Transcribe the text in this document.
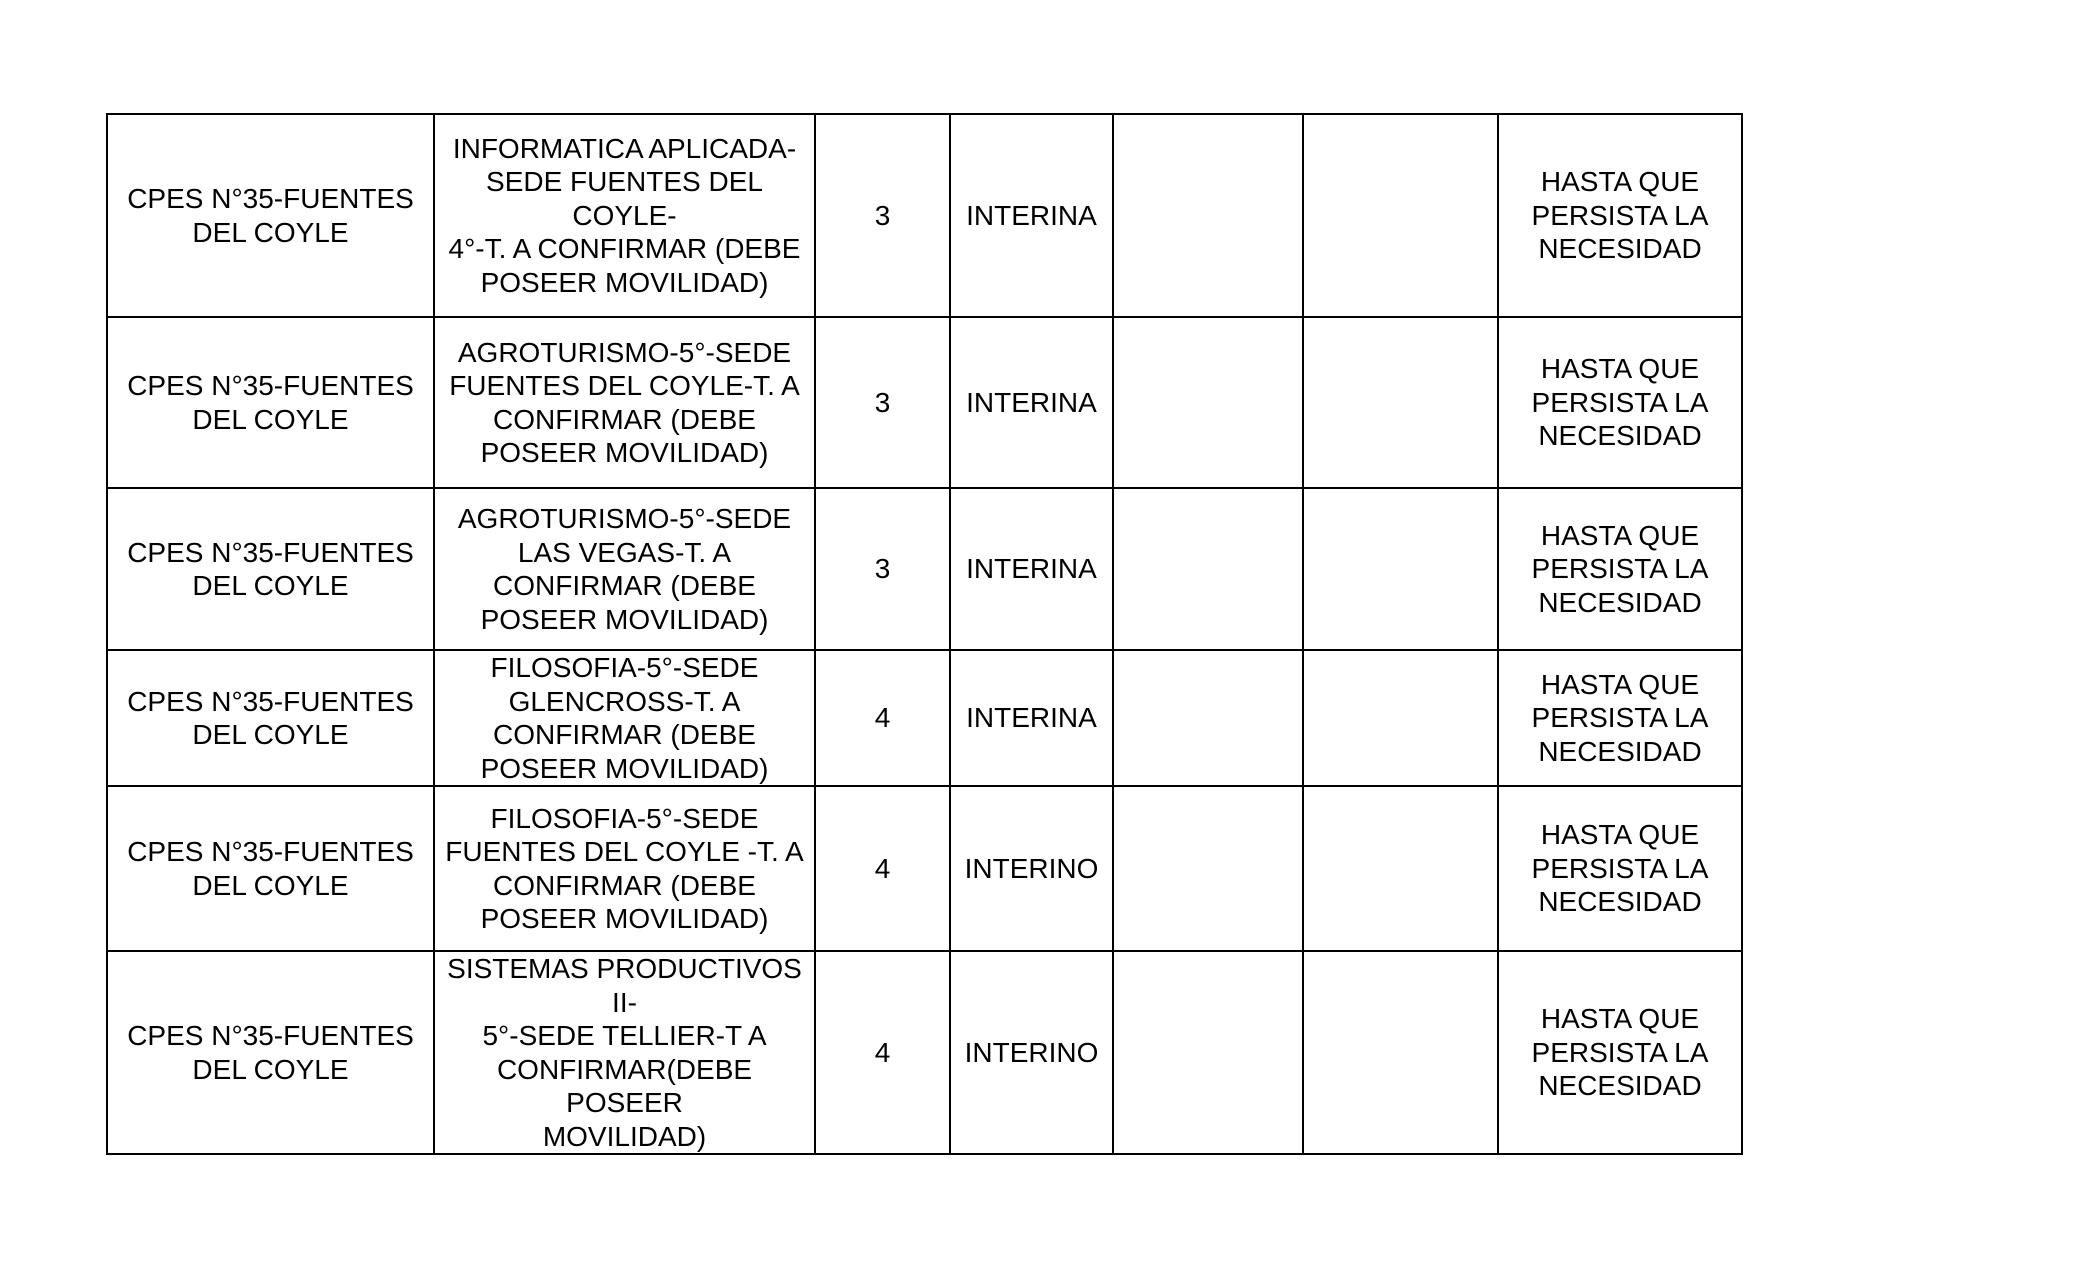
CPES N°35-FUENTES
DEL COYLE	INFORMATICA APLICADA-
SEDE FUENTES DEL COYLE-
4°-T. A CONFIRMAR (DEBE
POSEER MOVILIDAD)	3	INTERINA			HASTA QUE
PERSISTA LA
NECESIDAD
CPES N°35-FUENTES
DEL COYLE	AGROTURISMO-5°-SEDE
FUENTES DEL COYLE-T. A
CONFIRMAR (DEBE
POSEER MOVILIDAD)	3	INTERINA			HASTA QUE
PERSISTA LA
NECESIDAD
CPES N°35-FUENTES
DEL COYLE	AGROTURISMO-5°-SEDE
LAS VEGAS-T. A
CONFIRMAR (DEBE
POSEER MOVILIDAD)	3	INTERINA			HASTA QUE
PERSISTA LA
NECESIDAD
CPES N°35-FUENTES
DEL COYLE	FILOSOFIA-5°-SEDE
GLENCROSS-T. A
CONFIRMAR (DEBE
POSEER MOVILIDAD)	4	INTERINA			HASTA QUE
PERSISTA LA
NECESIDAD
CPES N°35-FUENTES
DEL COYLE	FILOSOFIA-5°-SEDE
FUENTES DEL COYLE -T. A
CONFIRMAR (DEBE
POSEER MOVILIDAD)	4	INTERINO			HASTA QUE
PERSISTA LA
NECESIDAD
CPES N°35-FUENTES
DEL COYLE	SISTEMAS PRODUCTIVOS II-
5°-SEDE TELLIER-T A
CONFIRMAR(DEBE POSEER
MOVILIDAD)	4	INTERINO			HASTA QUE
PERSISTA LA
NECESIDAD
